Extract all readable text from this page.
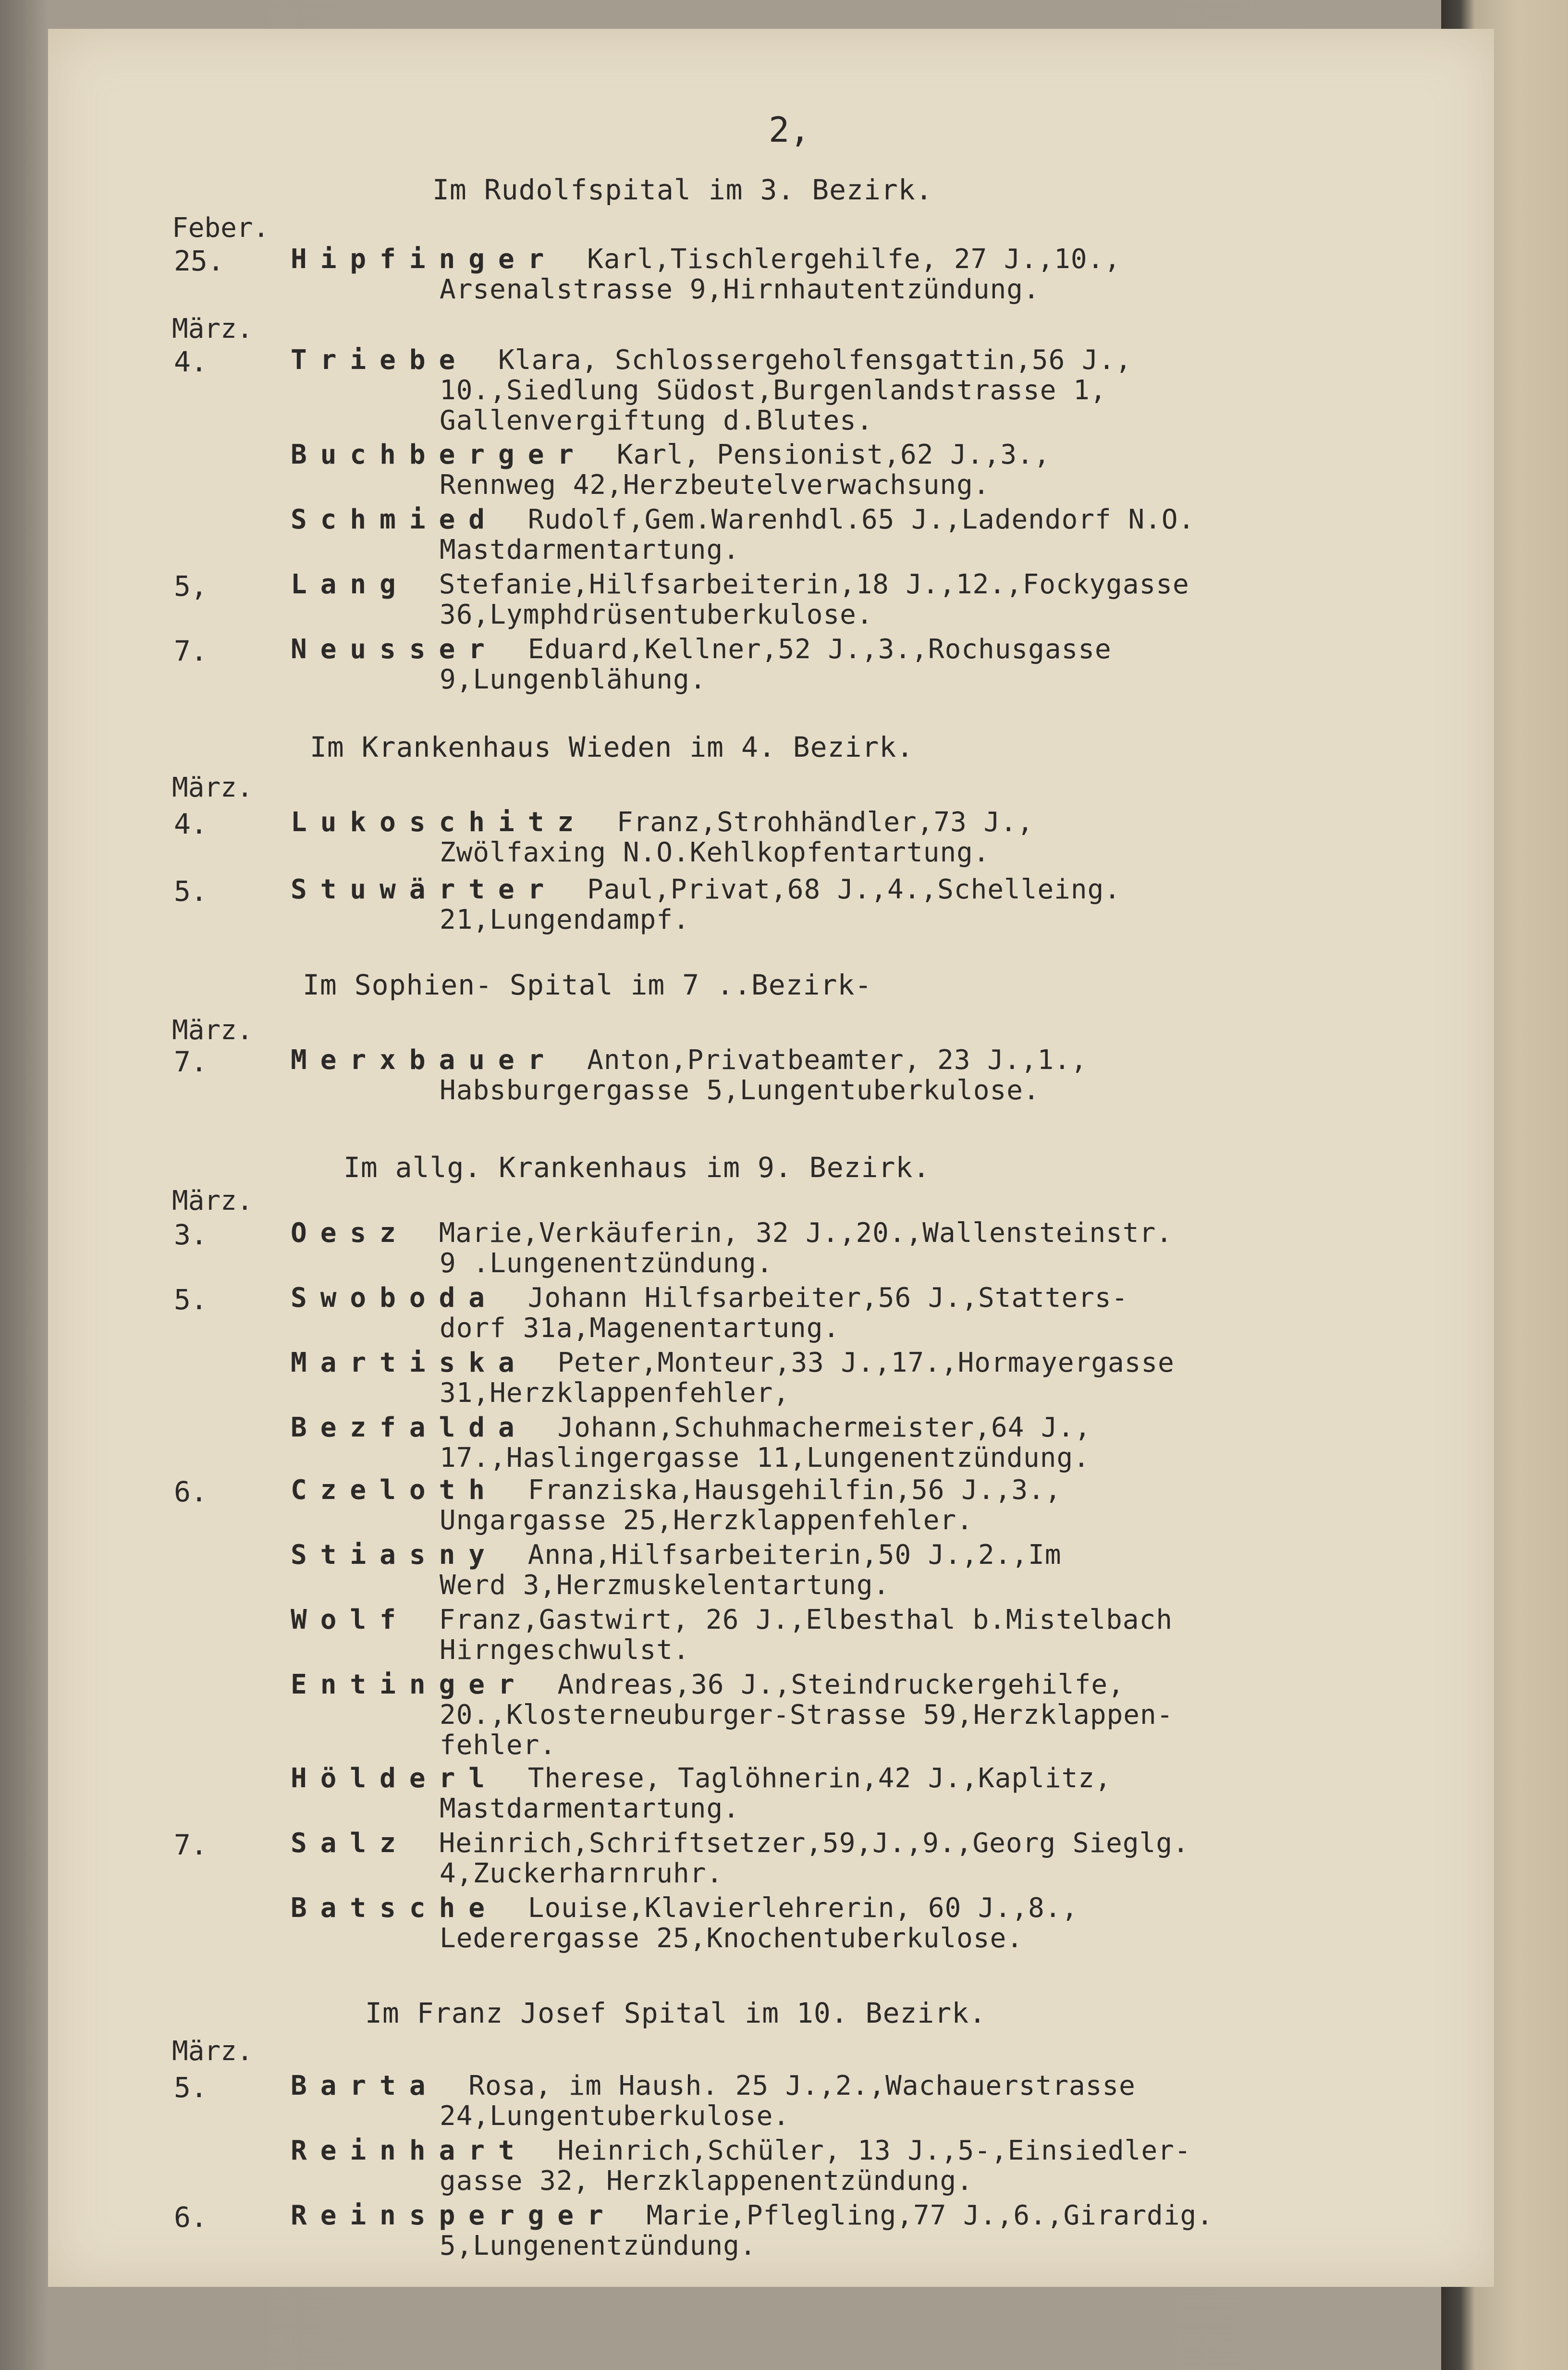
2,
Im Rudolfspital im 3. Bezirk.
Feber.
25. Hipfinger Karl,Tischlergehilfe, 27 J.,10.,
Arsenalstrasse 9,Hirnhautentzündung.
März.
4.	Triebe Klara, Schlossergeholfensgattin,56 J.,
10.,Siedlung Südost,Burgenlandstrasse 1,
Gallenvergiftung d.Blutes.
Buchberger Karl, Pensionist,62 J.,3.,
Rennweg 42,Herzbeutelverwachsung.
Schmied Rudolf,Gem.Warenhdl.65 J.,Ladendorf N.O.
Mastdarmentartung.
5,	Lang Stefanie,Hilfsarbeiterin,18 J.,12.,Fockygasse
36,Lymphdrüsentuberkulose.
7.	Neusser Eduard,Kellner,52 J.,3.,Rochusgasse
9,Lungenblähung.
Im Krankenhaus Wieden im 4. Bezirk.
März.
4.	Lukoschitz Franz,Strohhändler,73 J.,
Zwölfaxing N.O.Kehlkopfentartung.
5.	Stuwärter Paul,Privat,68 J.,4.,Schelleing.
21,Lungendampf.
Im Sophien- Spital im 7 ..Bezirk-
März.
7.	Merxbauer Anton,Privatbeamter, 23 J.,1.,
Habsburgergasse 5,Lungentuberkulose.
Im allg. Krankenhaus im 9. Bezirk.
März.
3.	Oesz Marie,Verkäuferin, 32 J.,20.,Wallensteinstr.
9 .Lungenentzündung.
5.	Swoboda Johann Hilfsarbeiter,56 J.,Statters-
dorf 31a,Magenentartung.
Martiska Peter,Monteur,33 J.,17.,Hormayergasse
31,Herzklappenfehler,
Bezfalda Johann,Schuhmachermeister,64 J.,
17.,Haslingergasse 11,Lungenentzündung.
6.	Czeloth Franziska,Hausgehilfin,56 J.,3.,
Ungargasse 25,Herzklappenfehler.
Stiasny Anna,Hilfsarbeiterin,50 J.,2.,Im
Werd 3,Herzmuskelentartung.
Wolf Franz,Gastwirt, 26 J.,Elbesthal b.Mistelbach
Hirngeschwulst.
Entinger Andreas,36 J.,Steindruckergehilfe,
20.,Klosterneuburger-Strasse 59,Herzklappen-
fehler.
Hölderl Therese, Taglöhnerin,42 J.,Kaplitz,
Mastdarmentartung.
7.	Salz Heinrich,Schriftsetzer,59,J.,9.,Georg Sieglg.
4,Zuckerharnruhr.
Batsche Louise,Klavierlehrerin, 60 J.,8.,
Lederergasse 25,Knochentuberkulose.
Im Franz Josef Spital im 10. Bezirk.
März.
5.	Barta Rosa, im Haush. 25 J.,2.,Wachauerstrasse
24,Lungentuberkulose.
Reinhart Heinrich,Schüler, 13 J.,5-,Einsiedler-
gasse 32, Herzklappenentzündung.
6.	Reinsperger Marie,Pflegling,77 J.,6.,Girardig.
5,Lungenentzündung.
